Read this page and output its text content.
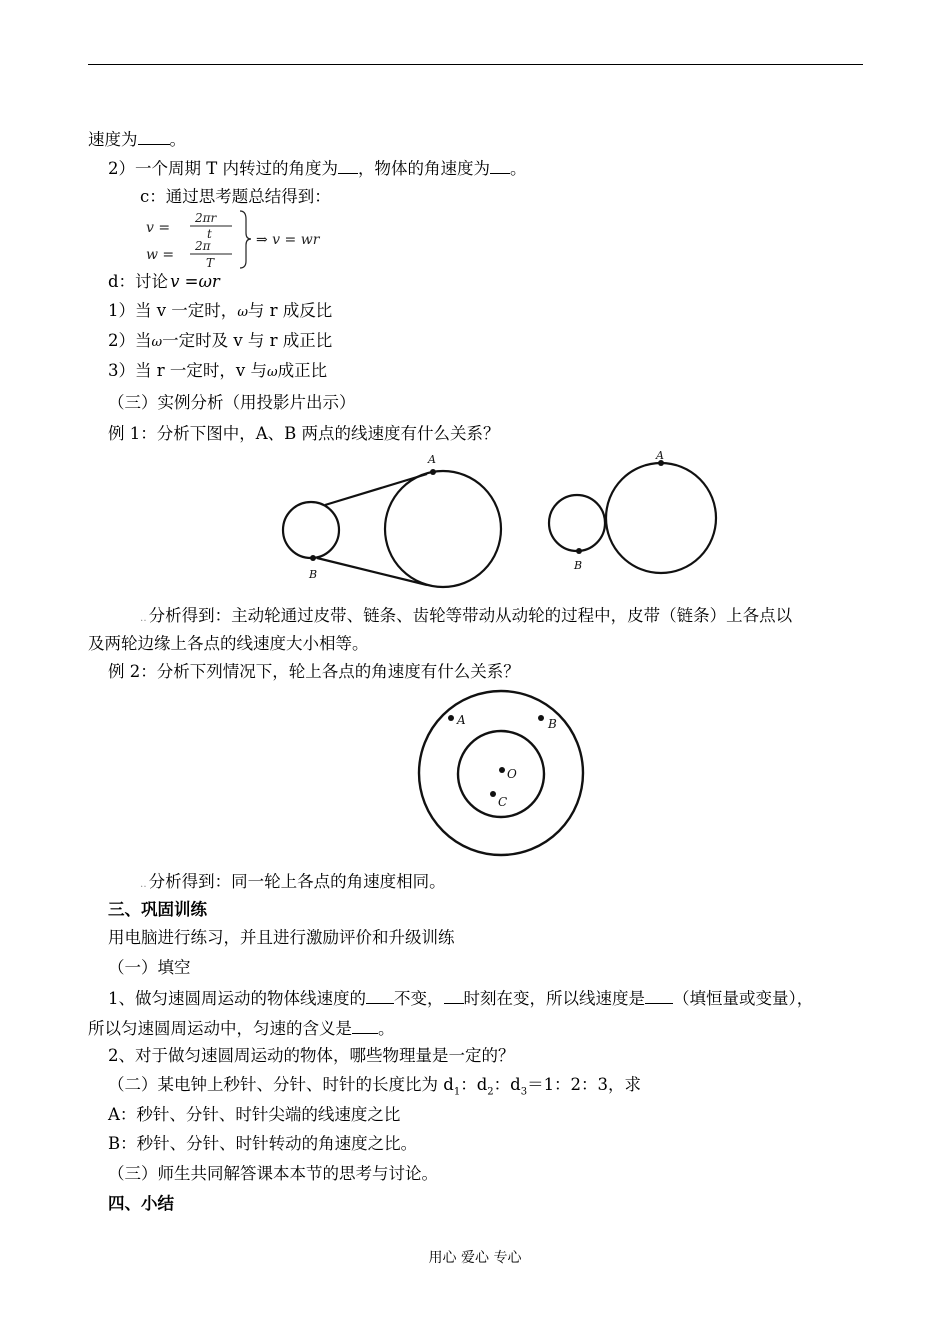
速度为 。
2）一个周期 T 内转过的角度为 ，物体的角速度为 。
c：通过思考题总结得到：
v =
2πr
t
w =
2π
T
⇒ v = wr
d：讨论 v =ωr
1）当 v 一定时，ω与 r 成反比
2）当ω一定时及 v 与 r 成正比
3）当 r 一定时，v 与ω成正比
（三）实例分析（用投影片出示）
例 1：分析下图中，A、B 两点的线速度有什么关系？
A
B
A
B
‥ 分析得到：主动轮通过皮带、链条、齿轮等带动从动轮的过程中，皮带（链条）上各点以
及两轮边缘上各点的线速度大小相等。
例 2：分析下列情况下，轮上各点的角速度有什么关系？
A	B
O
C
‥ 分析得到：同一轮上各点的角速度相同。
三、巩固训练
用电脑进行练习，并且进行激励评价和升级训练
（一）填空
1、做匀速圆周运动的物体线速度的 不变， 时刻在变，所以线速度是 （填恒量或变量），
所以匀速圆周运动中，匀速的含义是 。
2、对于做匀速圆周运动的物体，哪些物理量是一定的？
（二）某电钟上秒针、分针、时针的长度比为 $d_1$：$d_2$：$d_3=1$：2：3，求
A：秒针、分针、时针尖端的线速度之比
B：秒针、分针、时针转动的角速度之比。
（三）师生共同解答课本本节的思考与讨论。
四、小结
用心 爱心 专心
